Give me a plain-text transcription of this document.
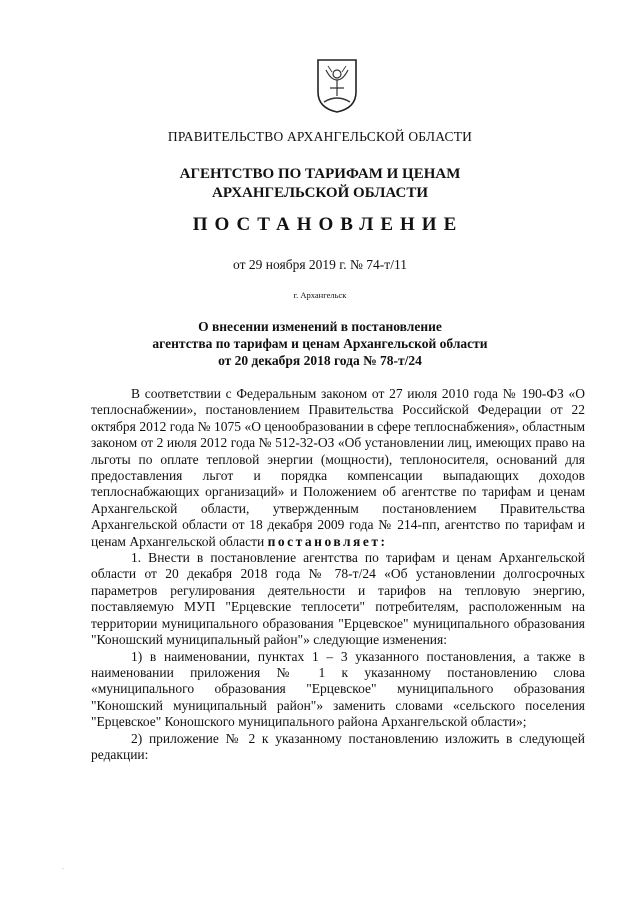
ПРАВИТЕЛЬСТВО АРХАНГЕЛЬСКОЙ ОБЛАСТИ
АГЕНТСТВО ПО ТАРИФАМ И ЦЕНАМ
АРХАНГЕЛЬСКОЙ ОБЛАСТИ
ПОСТАНОВЛЕНИЕ
от 29 ноября 2019 г. № 74-т/11
г. Архангельск
О внесении изменений в постановление
агентства по тарифам и ценам Архангельской области
от 20 декабря 2018 года № 78-т/24

В соответствии с Федеральным законом от 27 июля 2010 года № 190-ФЗ «О теплоснабжении», постановлением Правительства Российской Федерации от 22 октября 2012 года № 1075 «О ценообразовании в сфере теплоснабжения», областным законом от 2 июля 2012 года № 512-32-ОЗ «Об установлении лиц, имеющих право на льготы по оплате тепловой энергии (мощности), теплоносителя, оснований для предоставления льгот и порядка компенсации выпадающих доходов теплоснабжающих организаций» и Положением об агентстве по тарифам и ценам Архангельской области, утвержденным постановлением Правительства Архангельской области от 18 декабря 2009 года № 214-пп, агентство по тарифам и ценам Архангельской области постановляет:

1. Внести в постановление агентства по тарифам и ценам Архангельской области от 20 декабря 2018 года № 78-т/24 «Об установлении долгосрочных параметров регулирования деятельности и тарифов на тепловую энергию, поставляемую МУП "Ерцевские теплосети" потребителям, расположенным на территории муниципального образования "Ерцевское" муниципального образования "Коношский муниципальный район"» следующие изменения:

1) в наименовании, пунктах 1 – 3 указанного постановления, а также в наименовании приложения № 1 к указанному постановлению слова «муниципального образования "Ерцевское" муниципального образования "Коношский муниципальный район"» заменить словами «сельского поселения "Ерцевское" Коношского муниципального района Архангельской области»;

2) приложение № 2 к указанному постановлению изложить в следующей редакции:

.
